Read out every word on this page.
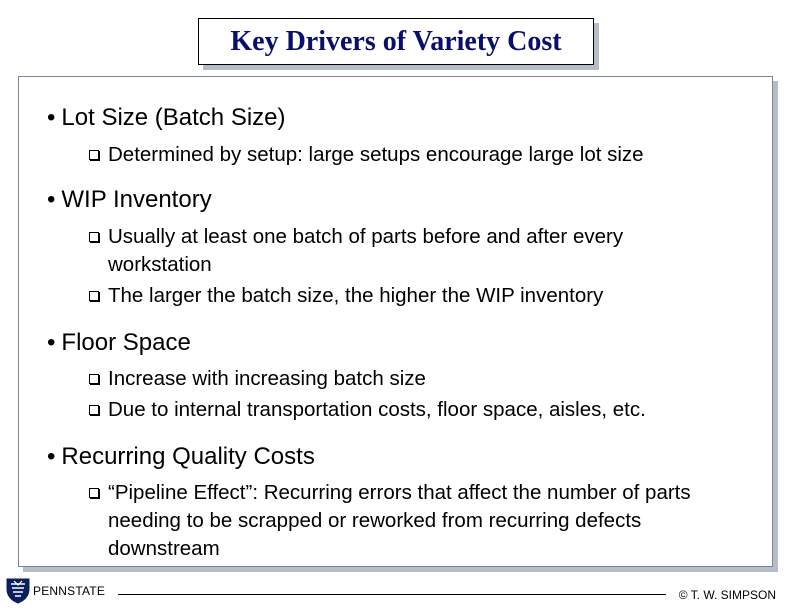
Key Drivers of Variety Cost
• Lot Size (Batch Size)
Determined by setup: large setups encourage large lot size
• WIP Inventory
Usually at least one batch of parts before and after every workstation
The larger the batch size, the higher the WIP inventory
• Floor Space
Increase with increasing batch size
Due to internal transportation costs, floor space, aisles, etc.
• Recurring Quality Costs
“Pipeline Effect”: Recurring errors that affect the number of parts needing to be scrapped or reworked from recurring defects downstream
PENNSTATE	© T. W. SIMPSON
